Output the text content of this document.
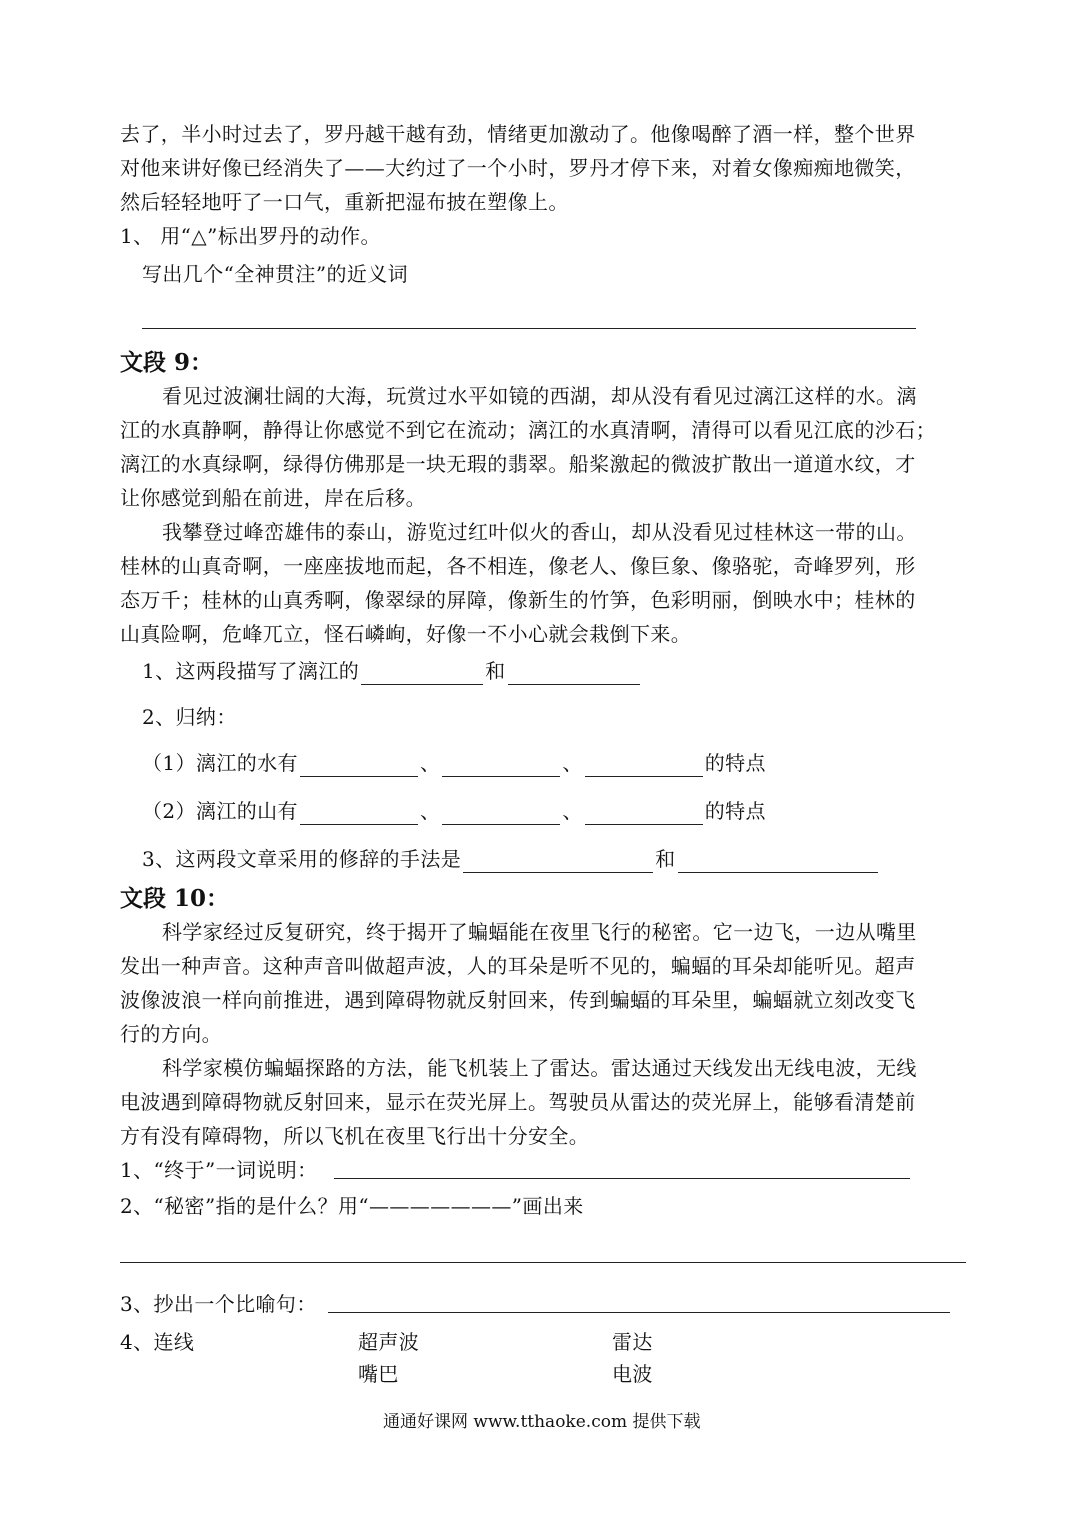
去了，半小时过去了，罗丹越干越有劲，情绪更加激动了。他像喝醉了酒一样，整个世界
对他来讲好像已经消失了——大约过了一个小时，罗丹才停下来，对着女像痴痴地微笑，
然后轻轻地吁了一口气，重新把湿布披在塑像上。
1、 用“△”标出罗丹的动作。
写出几个“全神贯注”的近义词
文段 9：
看见过波澜壮阔的大海，玩赏过水平如镜的西湖，却从没有看见过漓江这样的水。漓
江的水真静啊，静得让你感觉不到它在流动；漓江的水真清啊，清得可以看见江底的沙石；
漓江的水真绿啊，绿得仿佛那是一块无瑕的翡翠。船桨激起的微波扩散出一道道水纹，才
让你感觉到船在前进，岸在后移。
我攀登过峰峦雄伟的泰山，游览过红叶似火的香山，却从没看见过桂林这一带的山。
桂林的山真奇啊，一座座拔地而起，各不相连，像老人、像巨象、像骆驼，奇峰罗列，形
态万千；桂林的山真秀啊，像翠绿的屏障，像新生的竹笋，色彩明丽，倒映水中；桂林的
山真险啊，危峰兀立，怪石嶙峋，好像一不小心就会栽倒下来。
1、这两段描写了漓江的	和
2、归纳：
（1）漓江的水有	、	、	的特点
（2）漓江的山有	、	、	的特点
3、这两段文章采用的修辞的手法是	和
文段 10：
科学家经过反复研究，终于揭开了蝙蝠能在夜里飞行的秘密。它一边飞，一边从嘴里
发出一种声音。这种声音叫做超声波，人的耳朵是听不见的，蝙蝠的耳朵却能听见。超声
波像波浪一样向前推进，遇到障碍物就反射回来，传到蝙蝠的耳朵里，蝙蝠就立刻改变飞
行的方向。
科学家模仿蝙蝠探路的方法，能飞机装上了雷达。雷达通过天线发出无线电波，无线
电波遇到障碍物就反射回来，显示在荧光屏上。驾驶员从雷达的荧光屏上，能够看清楚前
方有没有障碍物，所以飞机在夜里飞行出十分安全。
1、“终于”一词说明：
2、“秘密”指的是什么？用“———————”画出来
3、抄出一个比喻句：
4、连线	超声波	雷达
嘴巴	电波
通通好课网 www.tthaoke.com 提供下载
